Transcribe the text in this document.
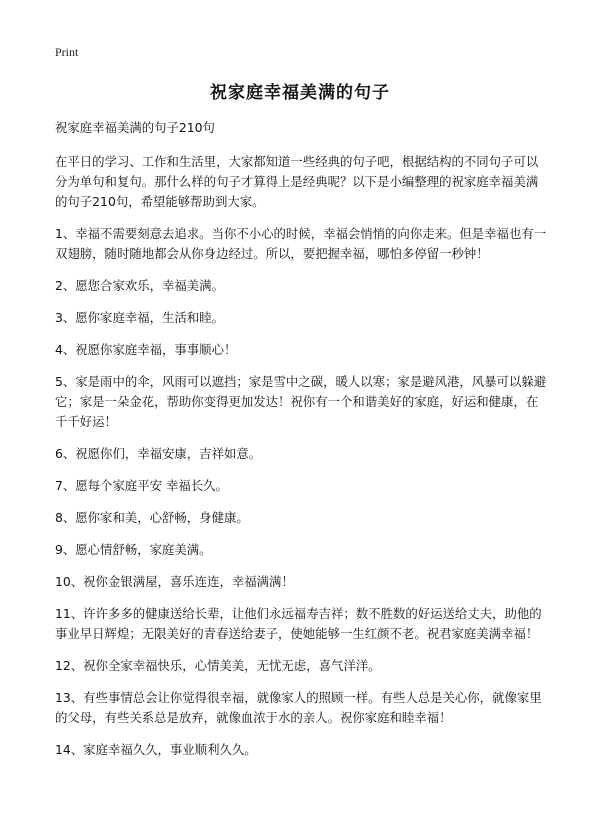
Print
祝家庭幸福美满的句子

祝家庭幸福美满的句子210句

在平日的学习、工作和生活里，大家都知道一些经典的句子吧，根据结构的不同句子可以分为单句和复句。那什么样的句子才算得上是经典呢？以下是小编整理的祝家庭幸福美满的句子210句，希望能够帮助到大家。

1、幸福不需要刻意去追求。当你不小心的时候，幸福会悄悄的向你走来。但是幸福也有一双翅膀，随时随地都会从你身边经过。所以，要把握幸福，哪怕多停留一秒钟！

2、愿您合家欢乐，幸福美满。

3、愿你家庭幸福，生活和睦。

4、祝愿你家庭幸福，事事顺心！

5、家是雨中的伞，风雨可以遮挡；家是雪中之碳，暖人以寒；家是避风港，风暴可以躲避它；家是一朵金花，帮助你变得更加发达！祝你有一个和谐美好的家庭，好运和健康，在千千好运！

6、祝愿你们，幸福安康，吉祥如意。

7、愿每个家庭平安 幸福长久。

8、愿你家和美，心舒畅，身健康。

9、愿心情舒畅，家庭美满。

10、祝你金银满屋，喜乐连连，幸福满满！

11、许许多多的健康送给长辈，让他们永远福寿吉祥；数不胜数的好运送给丈夫，助他的事业早日辉煌；无限美好的青春送给妻子，使她能够一生红颜不老。祝君家庭美满幸福！

12、祝你全家幸福快乐，心情美美，无忧无虑，喜气洋洋。

13、有些事情总会让你觉得很幸福，就像家人的照顾一样。有些人总是关心你，就像家里的父母，有些关系总是放弃，就像血浓于水的亲人。祝你家庭和睦幸福！

14、家庭幸福久久，事业顺利久久。
